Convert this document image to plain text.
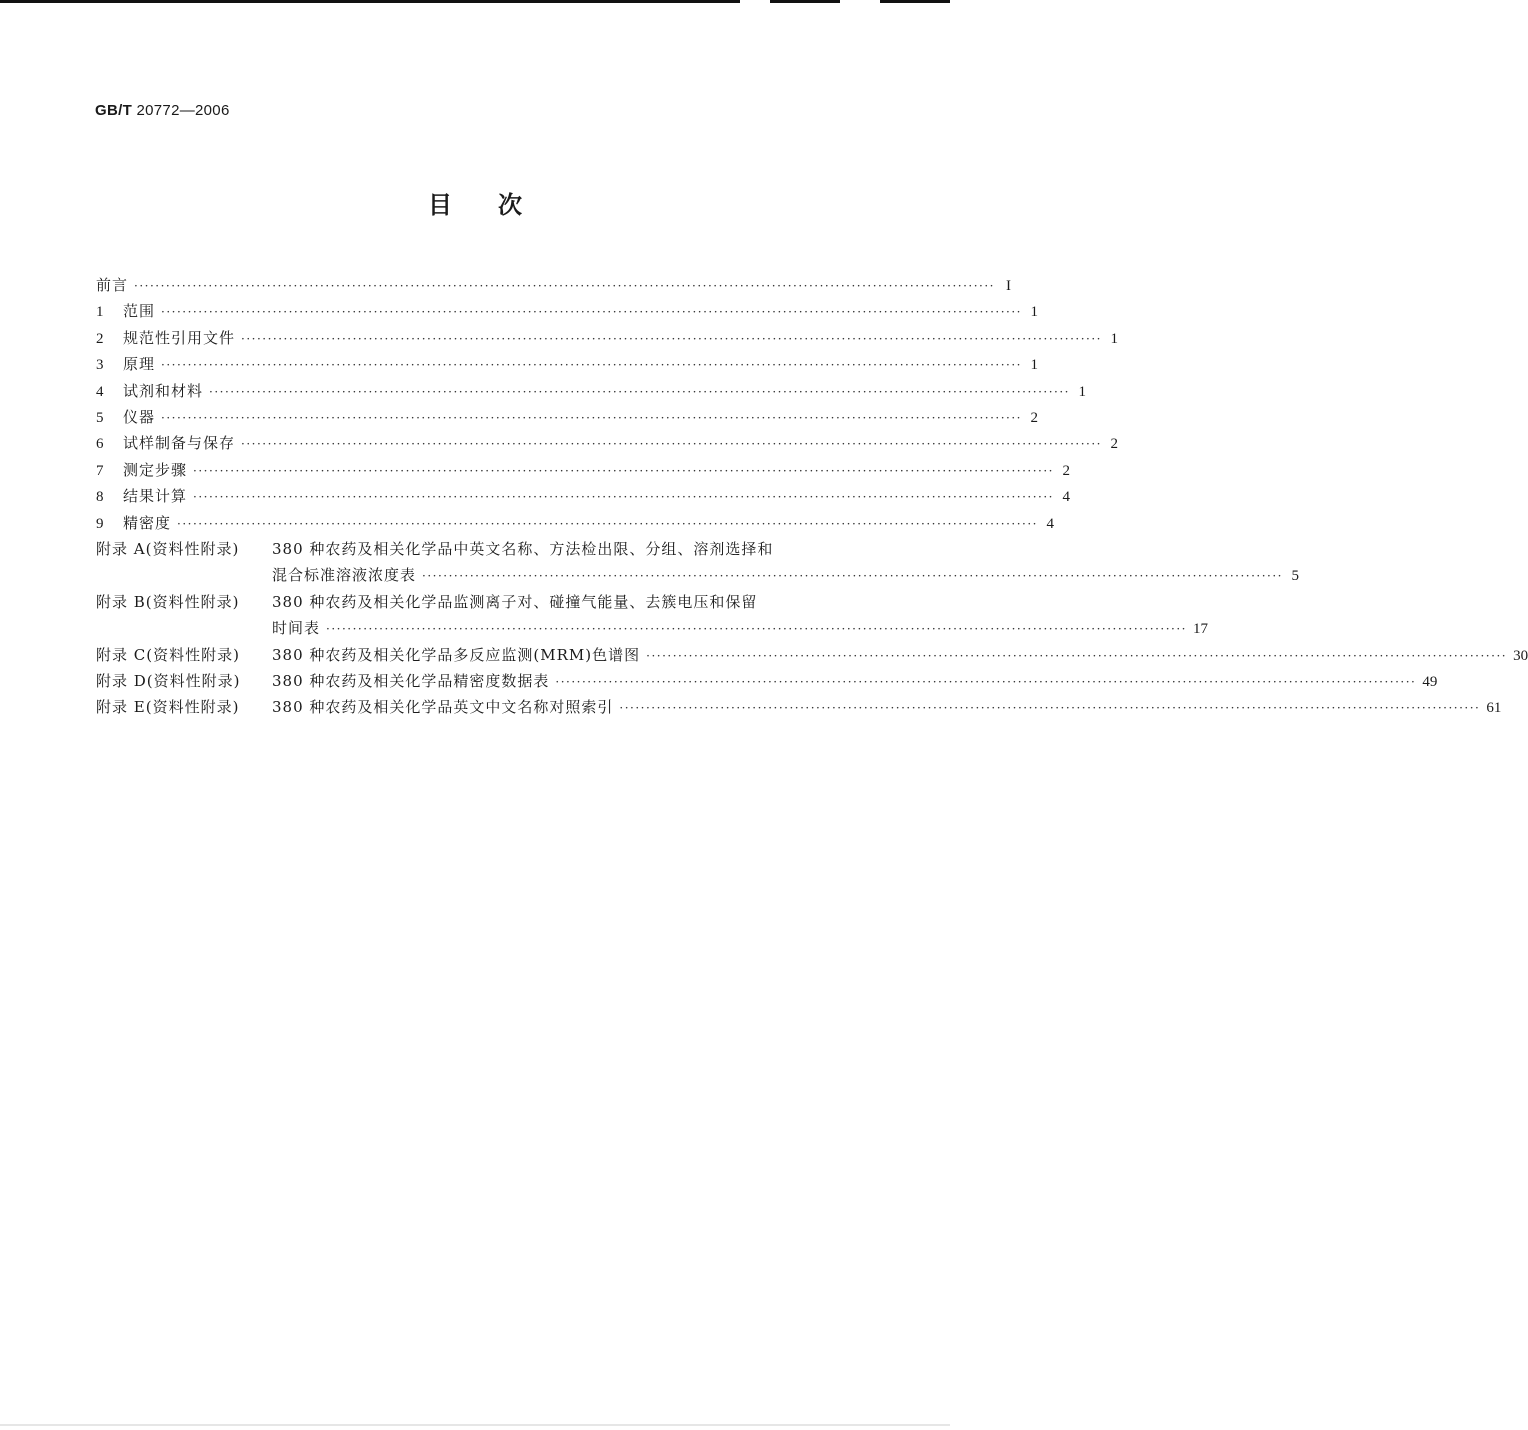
GB/T 20772—2006
目次
前言 ·····	I
1	范围 ·····	1
2	规范性引用文件 ·····	1
3	原理 ·····	1
4	试剂和材料 ·····	1
5	仪器 ·····	2
6	试样制备与保存 ·····	2
7	测定步骤 ·····	2
8	结果计算 ·····	4
9	精密度 ·····	4
附录 A(资料性附录)	380 种农药及相关化学品中英文名称、方法检出限、分组、溶剂选择和
混合标准溶液浓度表 ·····	5
附录 B(资料性附录)	380 种农药及相关化学品监测离子对、碰撞气能量、去簇电压和保留
时间表 ·····	17
附录 C(资料性附录)	380 种农药及相关化学品多反应监测(MRM)色谱图 ·····	30
附录 D(资料性附录)	380 种农药及相关化学品精密度数据表 ·····	49
附录 E(资料性附录)	380 种农药及相关化学品英文中文名称对照索引 ·····	61
